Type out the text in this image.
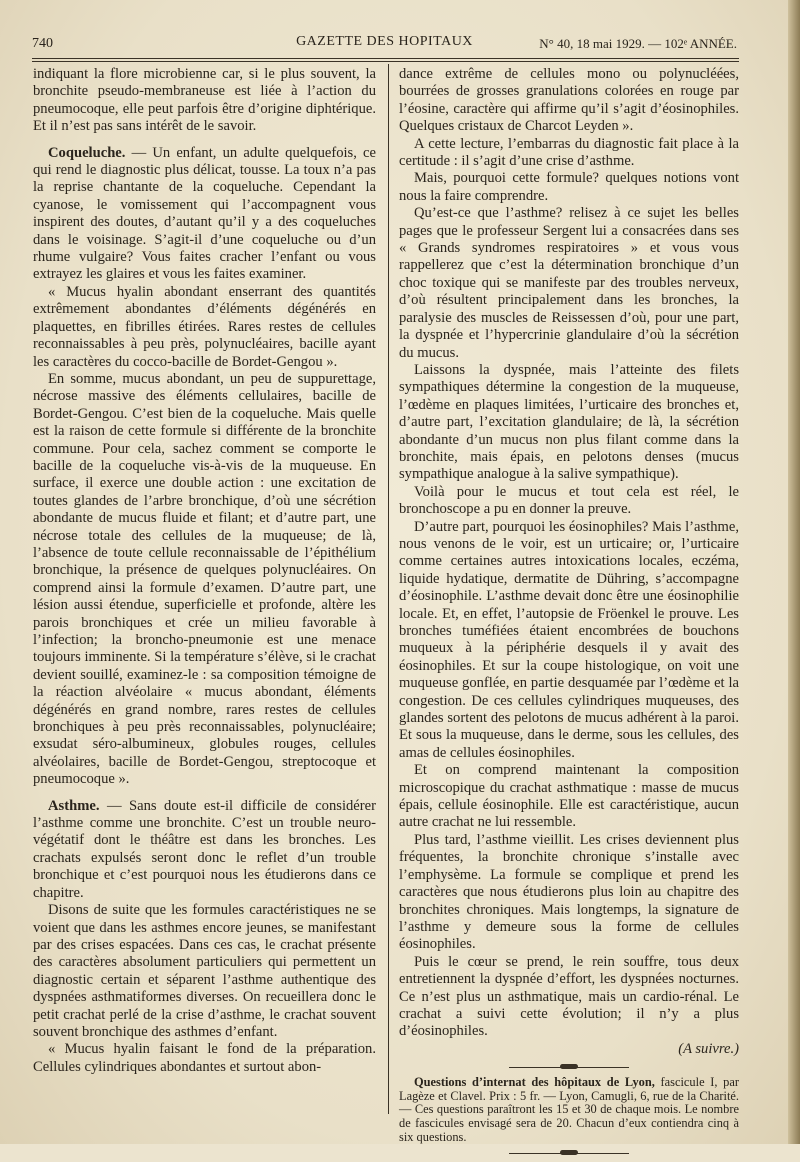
740	GAZETTE DES HOPITAUX	N° 40, 18 mai 1929. — 102ᵉ ANNÉE.

indiquant la flore microbienne car, si le plus souvent, la bronchite pseudo-membraneuse est liée à l’action du pneumocoque, elle peut parfois être d’origine diphtérique. Et il n’est pas sans intérêt de le savoir.

Coqueluche. — Un enfant, un adulte quelquefois, ce qui rend le diagnostic plus délicat, tousse. La toux n’a pas la reprise chantante de la coqueluche. Cependant la cyanose, le vomissement qui l’accompagnent vous inspirent des doutes, d’autant qu’il y a des coqueluches dans le voisinage. S’agit-il d’une coqueluche ou d’un rhume vulgaire? Vous faites cracher l’enfant ou vous extrayez les glaires et vous les faites examiner.

« Mucus hyalin abondant enserrant des quantités extrêmement abondantes d’éléments dégénérés en plaquettes, en fibrilles étirées. Rares restes de cellules reconnaissables à peu près, polynucléaires, bacille ayant les caractères du cocco-bacille de Bordet-Gengou ».

En somme, mucus abondant, un peu de suppurettage, nécrose massive des éléments cellulaires, bacille de Bordet-Gengou. C’est bien de la coqueluche. Mais quelle est la raison de cette formule si différente de la bronchite commune. Pour cela, sachez comment se comporte le bacille de la coqueluche vis-à-vis de la muqueuse. En surface, il exerce une double action : une excitation de toutes glandes de l’arbre bronchique, d’où une sécrétion abondante de mucus fluide et filant; et d’autre part, une nécrose totale des cellules de la muqueuse; de là, l’absence de toute cellule reconnaissable de l’épithélium bronchique, la présence de quelques polynucléaires. On comprend ainsi la formule d’examen. D’autre part, une lésion aussi étendue, superficielle et profonde, altère les parois bronchiques et crée un milieu favorable à l’infection; la broncho-pneumonie est une menace toujours imminente. Si la température s’élève, si le crachat devient souillé, examinez-le : sa composition témoigne de la réaction alvéolaire « mucus abondant, éléments dégénérés en grand nombre, rares restes de cellules bronchiques à peu près reconnaissables, polynucléaire; exsudat séro-albumineux, globules rouges, cellules alvéolaires, bacille de Bordet-Gengou, streptocoque et pneumocoque ».

Asthme. — Sans doute est-il difficile de considérer l’asthme comme une bronchite. C’est un trouble neuro-végétatif dont le théâtre est dans les bronches. Les crachats expulsés seront donc le reflet d’un trouble bronchique et c’est pourquoi nous les étudierons dans ce chapitre.

Disons de suite que les formules caractéristiques ne se voient que dans les asthmes encore jeunes, se manifestant par des crises espacées. Dans ces cas, le crachat présente des caractères absolument particuliers qui permettent un diagnostic certain et séparent l’asthme authentique des dyspnées asthmatiformes diverses. On recueillera donc le petit crachat perlé de la crise d’asthme, le crachat souvent souvent bronchique des asthmes d’enfant.

« Mucus hyalin faisant le fond de la préparation. Cellules cylindriques abondantes et surtout abon-

dance extrême de cellules mono ou polynucléées, bourrées de grosses granulations colorées en rouge par l’éosine, caractère qui affirme qu’il s’agit d’éosinophiles. Quelques cristaux de Charcot Leyden ».

A cette lecture, l’embarras du diagnostic fait place à la certitude : il s’agit d’une crise d’asthme.

Mais, pourquoi cette formule? quelques notions vont nous la faire comprendre.

Qu’est-ce que l’asthme? relisez à ce sujet les belles pages que le professeur Sergent lui a consacrées dans ses « Grands syndromes respiratoires » et vous vous rappellerez que c’est la détermination bronchique d’un choc toxique qui se manifeste par des troubles nerveux, d’où résultent principalement dans les bronches, la paralysie des muscles de Reissessen d’où, pour une part, la dyspnée et l’hypercrinie glandulaire d’où la sécrétion du mucus.

Laissons la dyspnée, mais l’atteinte des filets sympathiques détermine la congestion de la muqueuse, l’œdème en plaques limitées, l’urticaire des bronches et, d’autre part, l’excitation glandulaire; de là, la sécrétion abondante d’un mucus non plus filant comme dans la bronchite, mais épais, en pelotons denses (mucus sympathique analogue à la salive sympathique).

Voilà pour le mucus et tout cela est réel, le bronchoscope a pu en donner la preuve.

D’autre part, pourquoi les éosinophiles? Mais l’asthme, nous venons de le voir, est un urticaire; or, l’urticaire comme certaines autres intoxications locales, eczéma, liquide hydatique, dermatite de Dühring, s’accompagne d’éosinophile. L’asthme devait donc être une éosinophilie locale. Et, en effet, l’autopsie de Fröenkel le prouve. Les bronches tuméfiées étaient encombrées de bouchons muqueux à la périphérie desquels il y avait des éosinophiles. Et sur la coupe histologique, on voit une muqueuse gonflée, en partie desquamée par l’œdème et la congestion. De ces cellules cylindriques muqueuses, des glandes sortent des pelotons de mucus adhérent à la paroi. Et sous la muqueuse, dans le derme, sous les cellules, des amas de cellules éosinophiles.

Et on comprend maintenant la composition microscopique du crachat asthmatique : masse de mucus épais, cellule éosinophile. Elle est caractéristique, aucun autre crachat ne lui ressemble.

Plus tard, l’asthme vieillit. Les crises deviennent plus fréquentes, la bronchite chronique s’installe avec l’emphysème. La formule se complique et prend les caractères que nous étudierons plus loin au chapitre des bronchites chroniques. Mais longtemps, la signature de l’asthme y demeure sous la forme de cellules éosinophiles.

Puis le cœur se prend, le rein souffre, tous deux entretiennent la dyspnée d’effort, les dyspnées nocturnes. Ce n’est plus un asthmatique, mais un cardio-rénal. Le crachat a suivi cette évolution; il n’y a plus d’éosinophiles.

(A suivre.)

Questions d’internat des hôpitaux de Lyon, fascicule I, par Lagèze et Clavel. Prix : 5 fr. — Lyon, Camugli, 6, rue de la Charité. — Ces questions paraîtront les 15 et 30 de chaque mois. Le nombre de fascicules envisagé sera de 20. Chacun d’eux contiendra cinq à six questions.
